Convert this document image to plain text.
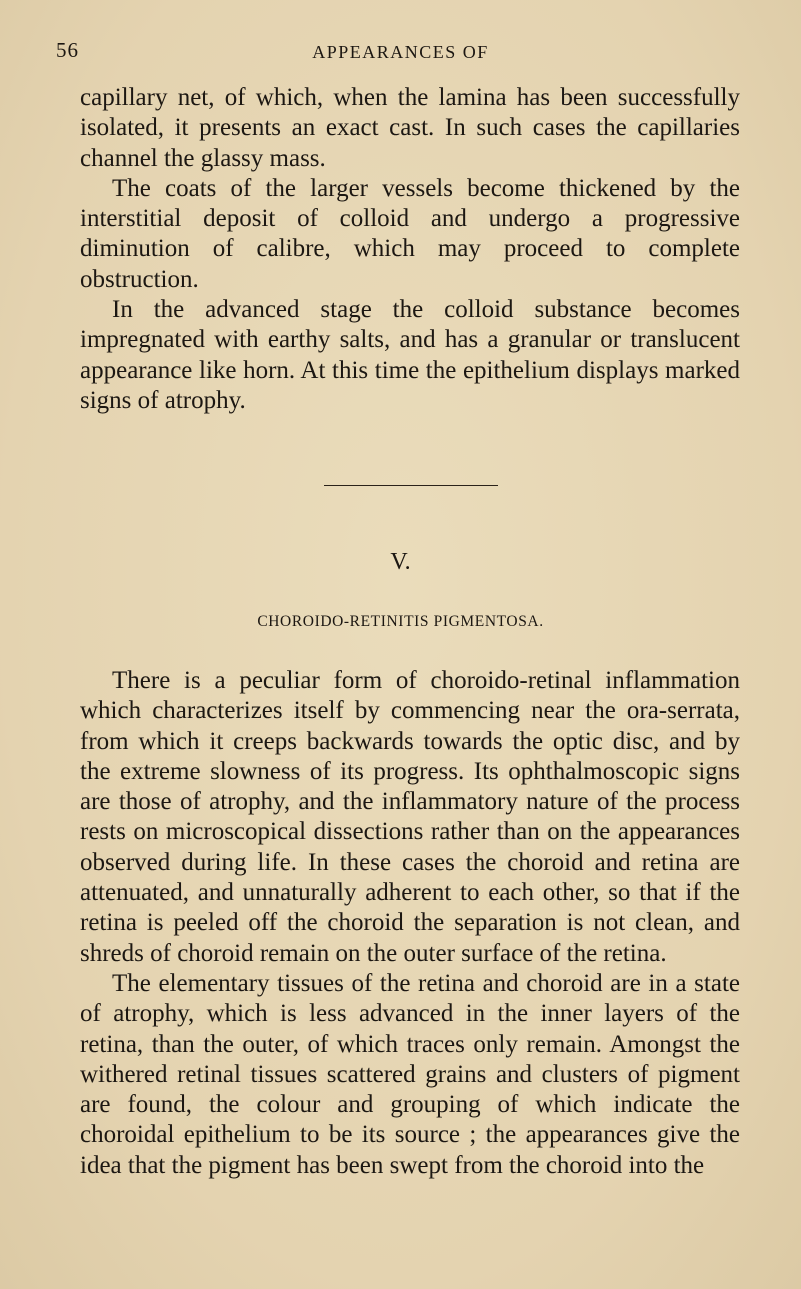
56	APPEARANCES OF

capillary net, of which, when the lamina has been successfully isolated, it presents an exact cast. In such cases the capillaries channel the glassy mass.

The coats of the larger vessels become thickened by the interstitial deposit of colloid and undergo a progressive diminution of calibre, which may proceed to complete obstruction.

In the advanced stage the colloid substance becomes impregnated with earthy salts, and has a granular or translucent appearance like horn. At this time the epithelium displays marked signs of atrophy.

V.
CHOROIDO-RETINITIS PIGMENTOSA.

There is a peculiar form of choroido-retinal inflammation which characterizes itself by commencing near the ora-serrata, from which it creeps backwards towards the optic disc, and by the extreme slowness of its progress. Its ophthalmoscopic signs are those of atrophy, and the inflammatory nature of the process rests on microscopical dissections rather than on the appearances observed during life. In these cases the choroid and retina are attenuated, and unnaturally adherent to each other, so that if the retina is peeled off the choroid the separation is not clean, and shreds of choroid remain on the outer surface of the retina.

The elementary tissues of the retina and choroid are in a state of atrophy, which is less advanced in the inner layers of the retina, than the outer, of which traces only remain. Amongst the withered retinal tissues scattered grains and clusters of pigment are found, the colour and grouping of which indicate the choroidal epithelium to be its source ; the appearances give the idea that the pigment has been swept from the choroid into the
